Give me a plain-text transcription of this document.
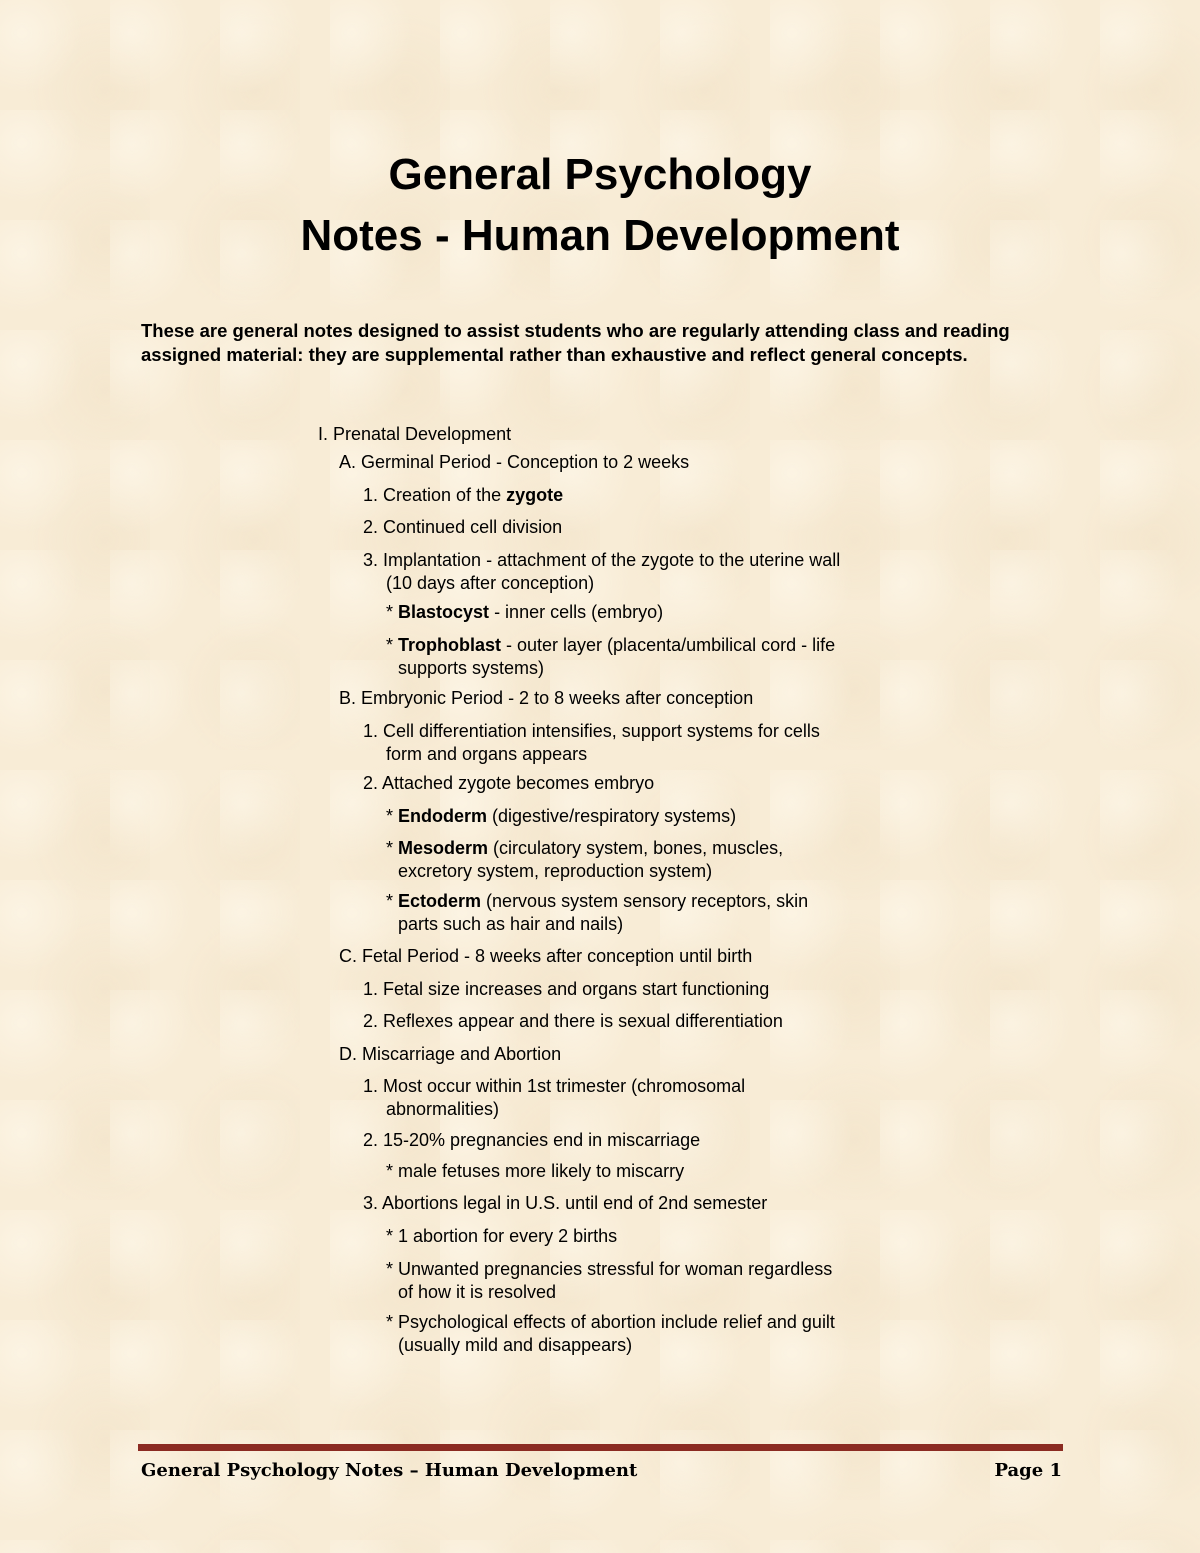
General Psychology
Notes - Human Development
These are general notes designed to assist students who are regularly attending class and reading assigned material: they are supplemental rather than exhaustive and reflect general concepts.
I. Prenatal Development
A. Germinal Period - Conception to 2 weeks
1. Creation of the zygote
2. Continued cell division
3. Implantation - attachment of the zygote to the uterine wall
(10 days after conception)
* Blastocyst - inner cells (embryo)
* Trophoblast - outer layer (placenta/umbilical cord - life
supports systems)
B. Embryonic Period - 2 to 8 weeks after conception
1. Cell differentiation intensifies, support systems for cells
form and organs appears
2. Attached zygote becomes embryo
* Endoderm (digestive/respiratory systems)
* Mesoderm (circulatory system, bones, muscles,
excretory system, reproduction system)
* Ectoderm (nervous system sensory receptors, skin
parts such as hair and nails)
C. Fetal Period - 8 weeks after conception until birth
1. Fetal size increases and organs start functioning
2. Reflexes appear and there is sexual differentiation
D. Miscarriage and Abortion
1. Most occur within 1st trimester (chromosomal
abnormalities)
2. 15-20% pregnancies end in miscarriage
* male fetuses more likely to miscarry
3. Abortions legal in U.S. until end of 2nd semester
* 1 abortion for every 2 births
* Unwanted pregnancies stressful for woman regardless
of how it is resolved
* Psychological effects of abortion include relief and guilt
(usually mild and disappears)
General Psychology Notes – Human Development	Page 1
